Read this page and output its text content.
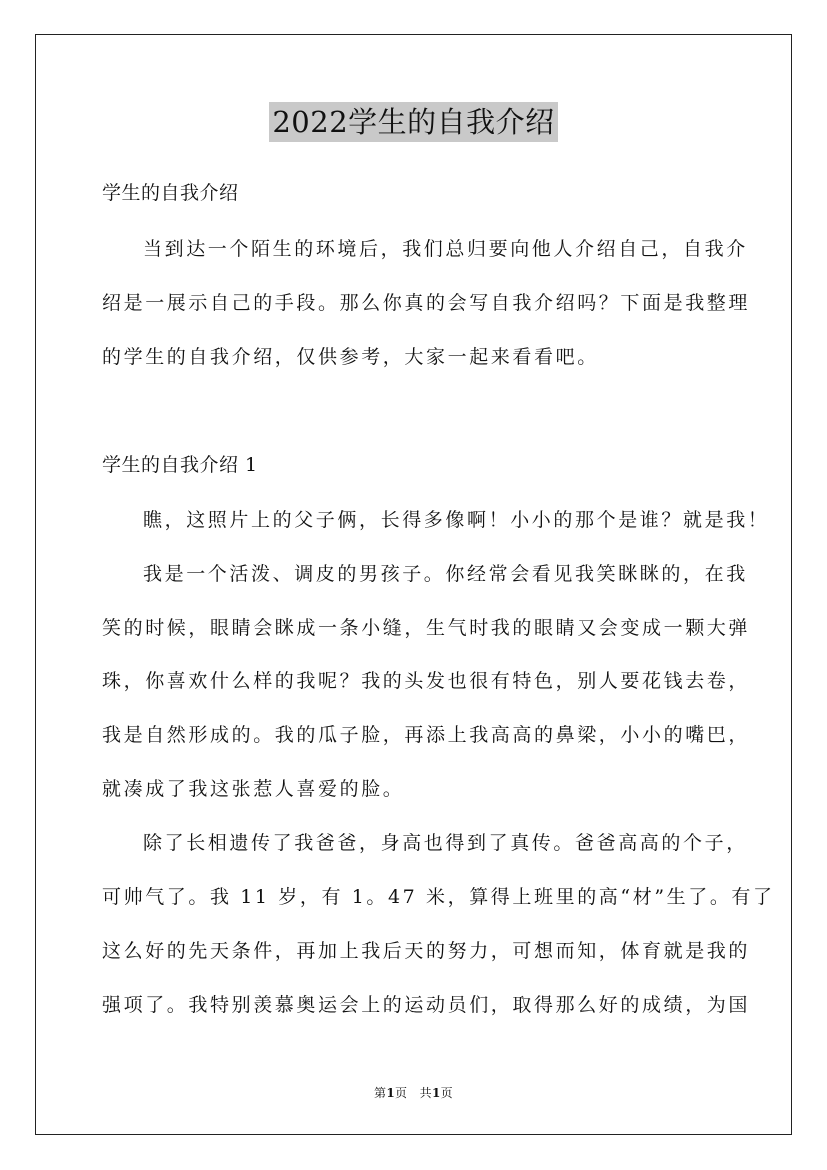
2022学生的自我介绍
学生的自我介绍
当到达一个陌生的环境后，我们总归要向他人介绍自己，自我介
绍是一展示自己的手段。那么你真的会写自我介绍吗？下面是我整理
的学生的自我介绍，仅供参考，大家一起来看看吧。
学生的自我介绍 1
瞧，这照片上的父子俩，长得多像啊！小小的那个是谁？就是我！
我是一个活泼、调皮的男孩子。你经常会看见我笑眯眯的，在我
笑的时候，眼睛会眯成一条小缝，生气时我的眼睛又会变成一颗大弹
珠，你喜欢什么样的我呢？我的头发也很有特色，别人要花钱去卷，
我是自然形成的。我的瓜子脸，再添上我高高的鼻梁，小小的嘴巴，
就凑成了我这张惹人喜爱的脸。
除了长相遗传了我爸爸，身高也得到了真传。爸爸高高的个子，
可帅气了。我 11 岁，有 1。47 米，算得上班里的高“材”生了。有了
这么好的先天条件，再加上我后天的努力，可想而知，体育就是我的
强项了。我特别羡慕奥运会上的运动员们，取得那么好的成绩，为国
第1页 共1页
